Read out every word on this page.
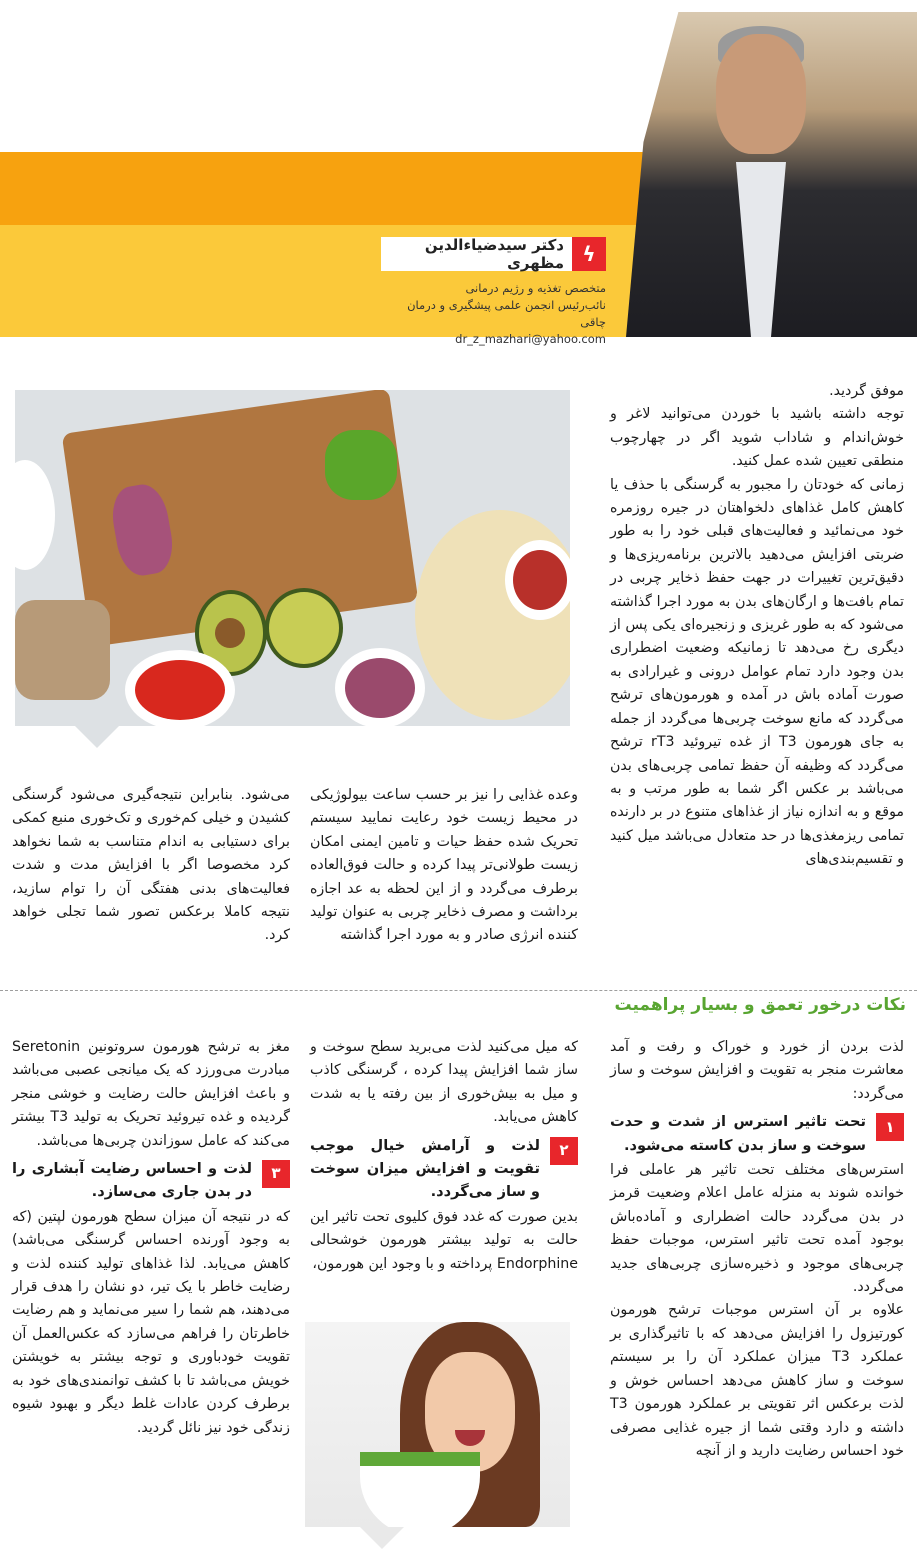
ϟ
دکتر سیدضیاءالدین مظهری
متخصص تغذیه و رژیم درمانی
نائب‌رئیس انجمن علمی پیشگیری و درمان چاقی
dr_z_mazhari@yahoo.com

موفق گردید.

توجه داشته باشید با خوردن می‌توانید لاغر و خوش‌اندام و شاداب شوید اگر در چهارچوب منطقی تعیین شده عمل کنید.

زمانی که خودتان را مجبور به گرسنگی با حذف یا کاهش کامل غذاهای دلخواهتان در جیره روزمره خود می‌نمائید و فعالیت‌های قبلی خود را به طور ضربتی افزایش می‌دهید بالاترین برنامه‌ریزی‌ها و دقیق‌ترین تغییرات در جهت حفظ ذخایر چربی در تمام بافت‌ها و ارگان‌های بدن به مورد اجرا گذاشته می‌شود که به طور غریزی و زنجیره‌ای یکی پس از دیگری رخ می‌دهد تا زمانیکه وضعیت اضطراری بدن وجود دارد تمام عوامل درونی و غیرارادی به صورت آماده باش در آمده و هورمون‌های ترشح می‌گردد که مانع سوخت چربی‌ها می‌گردد از جمله به جای هورمون T3 از غده تیروئید rT3 ترشح می‌گردد که وظیفه آن حفظ تمامی چربی‌های بدن می‌باشد بر عکس اگر شما به طور مرتب و به موقع و به اندازه نیاز از غذاهای متنوع در بر دارنده تمامی ریزمغذی‌ها در حد متعادل می‌باشد میل کنید و تقسیم‌بندی‌های

وعده غذایی را نیز بر حسب ساعت بیولوژیکی در محیط زیست خود رعایت نمایید سیستم تحریک شده حفظ حیات و تامین ایمنی امکان زیست طولانی‌تر پیدا کرده و حالت فوق‌العاده برطرف می‌گردد و از این لحظه به عد اجازه برداشت و مصرف ذخایر چربی به عنوان تولید کننده انرژی صادر و به مورد اجرا گذاشته

می‌شود. بنابراین نتیجه‌گیری می‌شود گرسنگی کشیدن و خیلی کم‌خوری و تک‌خوری منبع کمکی برای دستیابی به اندام متناسب به شما نخواهد کرد مخصوصا اگر با افزایش مدت و شدت فعالیت‌های بدنی هفتگی آن را توام سازید، نتیجه کاملا برعکس تصور شما تجلی خواهد کرد.

نکات درخور تعمق و بسیار پراهمیت

لذت بردن از خورد و خوراک و رفت و آمد معاشرت منجر به تقویت و افزایش سوخت و ساز می‌گردد:

۱
تحت تاثیر استرس از شدت و حدت سوخت و ساز بدن کاسته می‌شود.

استرس‌های مختلف تحت تاثیر هر عاملی فرا خوانده شوند به منزله عامل اعلام وضعیت قرمز در بدن می‌گردد حالت اضطراری و آماده‌باش بوجود آمده تحت تاثیر استرس، موجبات حفظ چربی‌های موجود و ذخیره‌سازی چربی‌های جدید می‌گردد.

علاوه بر آن استرس موجبات ترشح هورمون کورتیزول را افزایش می‌دهد که با تاثیرگذاری بر عملکرد T3 میزان عملکرد آن را بر سیستم سوخت و ساز کاهش می‌دهد احساس خوش و لذت برعکس اثر تقویتی بر عملکرد هورمون T3 داشته و دارد وقتی شما از جیره غذایی مصرفی خود احساس رضایت دارید و از آنچه

که میل می‌کنید لذت می‌برید سطح سوخت و ساز شما افزایش پیدا کرده ، گرسنگی کاذب و میل به بیش‌خوری از بین رفته یا به شدت کاهش می‌یابد.

۲
لذت و آرامش خیال موجب تقویت و افزایش میزان سوخت و ساز می‌گردد.

بدین صورت که غدد فوق کلیوی تحت تاثیر این حالت به تولید بیشتر هورمون خوشحالی Endorphine پرداخته و با وجود این هورمون،

مغز به ترشح هورمون سروتونین Seretonin مبادرت می‌ورزد که یک میانجی عصبی می‌باشد و باعث افزایش حالت رضایت و خوشی منجر گردیده و غده تیروئید تحریک به تولید T3 بیشتر می‌کند که عامل سوزاندن چربی‌ها می‌باشد.

۳
لذت و احساس رضایت آبشاری را در بدن جاری می‌سازد.

که در نتیجه آن میزان سطح هورمون لپتین (که به وجود آورنده احساس گرسنگی می‌باشد) کاهش می‌یابد. لذا غذاهای تولید کننده لذت و رضایت خاطر با یک تیر، دو نشان را هدف قرار می‌دهند، هم شما را سیر می‌نماید و هم رضایت خاطرتان را فراهم می‌سازد که عکس‌العمل آن تقویت خودباوری و توجه بیشتر به خویشتن خویش می‌باشد تا با کشف توانمندی‌های خود به برطرف کردن عادات غلط دیگر و بهبود شیوه زندگی خود نیز نائل گردید.
